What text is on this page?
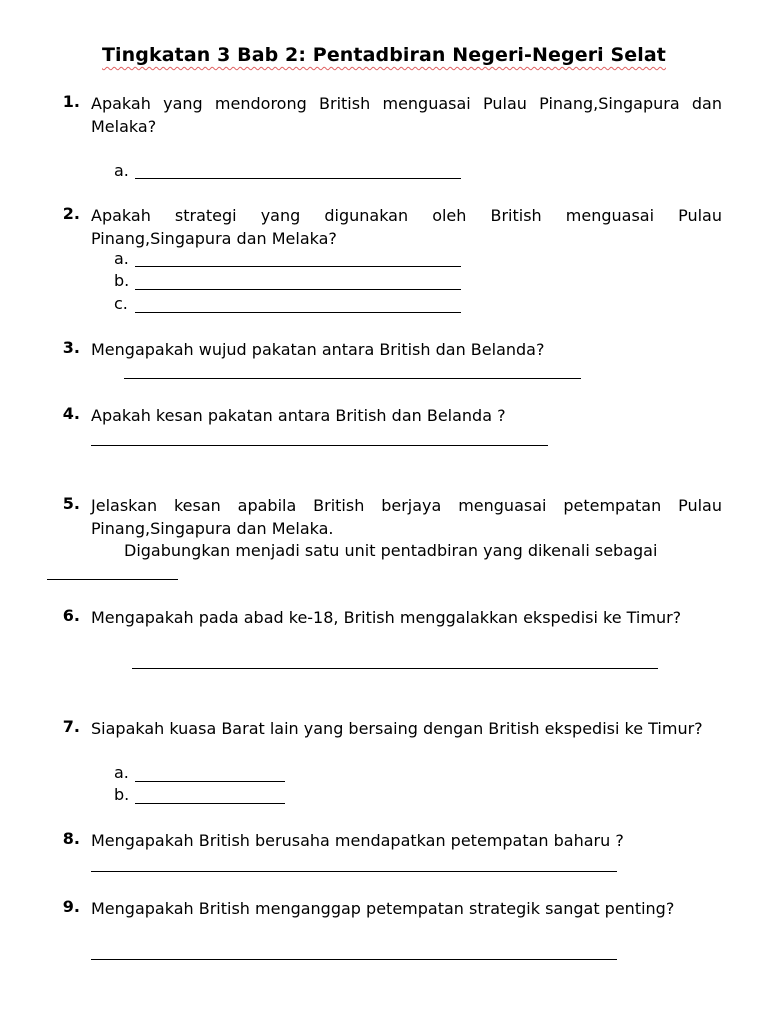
Tingkatan 3 Bab 2: Pentadbiran Negeri-Negeri Selat
1. Apakah yang mendorong British menguasai Pulau Pinang,Singapura dan Melaka?
a.
2. Apakah strategi yang digunakan oleh British menguasai Pulau Pinang,Singapura dan Melaka?
a.
b.
c.
3. Mengapakah wujud pakatan antara British dan Belanda?
4. Apakah kesan pakatan antara British dan Belanda ?
5. Jelaskan kesan apabila British berjaya menguasai petempatan Pulau Pinang,Singapura dan Melaka.
Digabungkan menjadi satu unit pentadbiran yang dikenali sebagai
6. Mengapakah pada abad ke-18, British menggalakkan ekspedisi ke Timur?
7. Siapakah kuasa Barat lain yang bersaing dengan British ekspedisi ke Timur?
a.
b.
8. Mengapakah British berusaha mendapatkan petempatan baharu ?
9. Mengapakah British menganggap petempatan strategik sangat penting?
